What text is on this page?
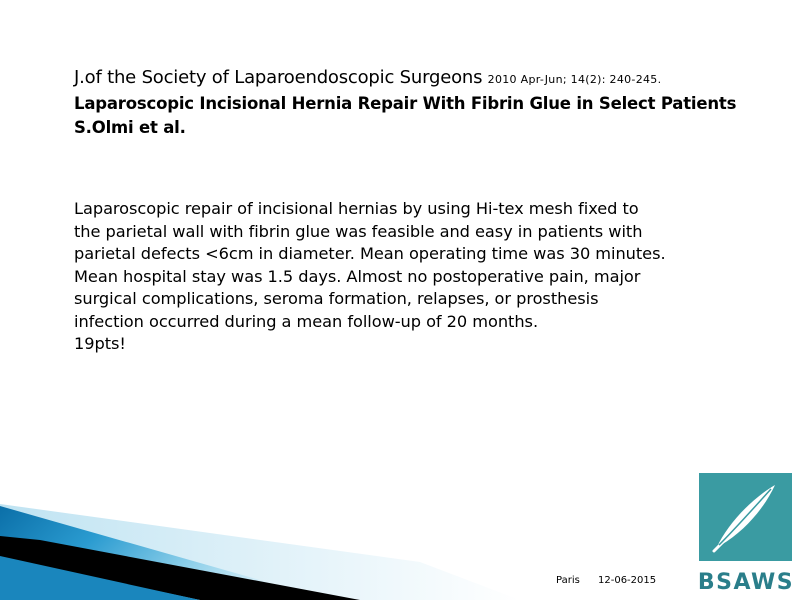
J.of the Society of Laparoendoscopic Surgeons 2010 Apr-Jun; 14(2): 240-245.
Laparoscopic Incisional Hernia Repair With Fibrin Glue in Select Patients S.Olmi et al.

Laparoscopic repair of incisional hernias by using Hi-tex mesh fixed to

the parietal wall with fibrin glue was feasible and easy in patients with

parietal defects <6cm in diameter. Mean operating time was 30 minutes.

Mean hospital stay was 1.5 days. Almost no postoperative pain, major

surgical complications, seroma formation, relapses, or prosthesis

infection occurred during a mean follow-up of 20 months.

19pts!

Paris 12-06-2015 BSAWS
